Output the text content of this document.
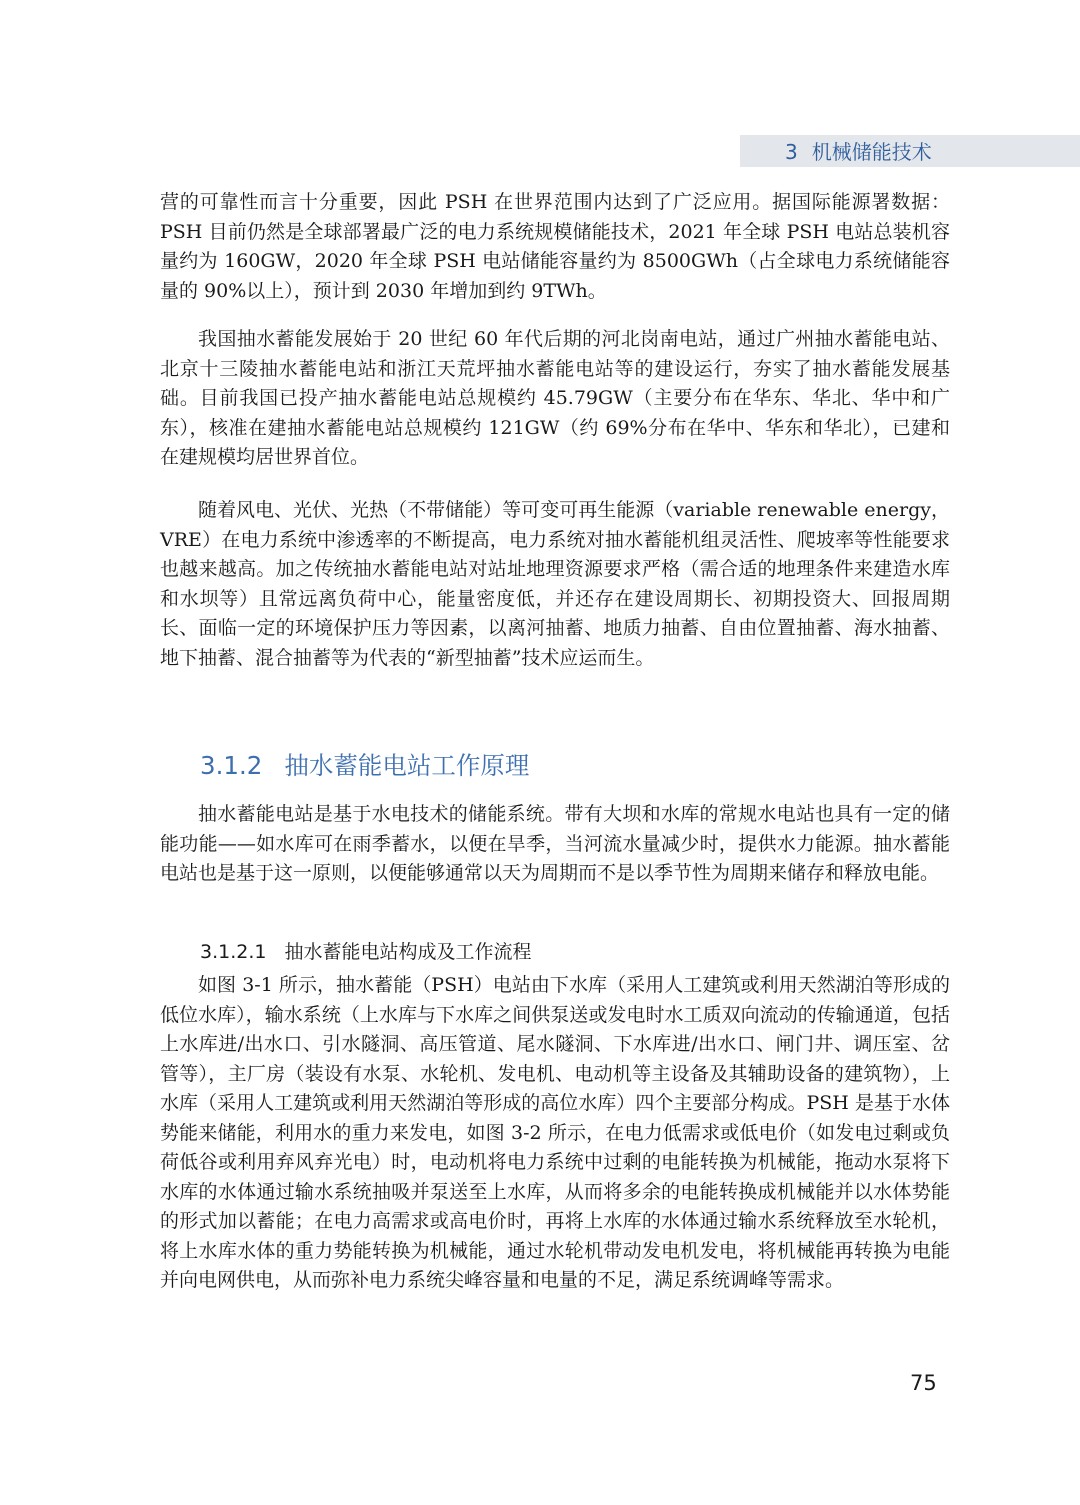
3 机械储能技术

营的可靠性而言十分重要，因此 PSH 在世界范围内达到了广泛应用。据国际能源署数据：PSH 目前仍然是全球部署最广泛的电力系统规模储能技术，2021 年全球 PSH 电站总装机容量约为 160GW，2020 年全球 PSH 电站储能容量约为 8500GWh（占全球电力系统储能容量的 90%以上），预计到 2030 年增加到约 9TWh。

我国抽水蓄能发展始于 20 世纪 60 年代后期的河北岗南电站，通过广州抽水蓄能电站、北京十三陵抽水蓄能电站和浙江天荒坪抽水蓄能电站等的建设运行，夯实了抽水蓄能发展基础。目前我国已投产抽水蓄能电站总规模约 45.79GW（主要分布在华东、华北、华中和广东），核准在建抽水蓄能电站总规模约 121GW（约 69%分布在华中、华东和华北），已建和在建规模均居世界首位。

随着风电、光伏、光热（不带储能）等可变可再生能源（variable renewable energy，VRE）在电力系统中渗透率的不断提高，电力系统对抽水蓄能机组灵活性、爬坡率等性能要求也越来越高。加之传统抽水蓄能电站对站址地理资源要求严格（需合适的地理条件来建造水库和水坝等）且常远离负荷中心，能量密度低，并还存在建设周期长、初期投资大、回报周期长、面临一定的环境保护压力等因素，以离河抽蓄、地质力抽蓄、自由位置抽蓄、海水抽蓄、地下抽蓄、混合抽蓄等为代表的“新型抽蓄”技术应运而生。

3.1.2 抽水蓄能电站工作原理

抽水蓄能电站是基于水电技术的储能系统。带有大坝和水库的常规水电站也具有一定的储能功能——如水库可在雨季蓄水，以便在旱季，当河流水量减少时，提供水力能源。抽水蓄能电站也是基于这一原则，以便能够通常以天为周期而不是以季节性为周期来储存和释放电能。

3.1.2.1 抽水蓄能电站构成及工作流程

如图 3-1 所示，抽水蓄能（PSH）电站由下水库（采用人工建筑或利用天然湖泊等形成的低位水库），输水系统（上水库与下水库之间供泵送或发电时水工质双向流动的传输通道，包括上水库进/出水口、引水隧洞、高压管道、尾水隧洞、下水库进/出水口、闸门井、调压室、岔管等），主厂房（装设有水泵、水轮机、发电机、电动机等主设备及其辅助设备的建筑物），上水库（采用人工建筑或利用天然湖泊等形成的高位水库）四个主要部分构成。PSH 是基于水体势能来储能，利用水的重力来发电，如图 3-2 所示，在电力低需求或低电价（如发电过剩或负荷低谷或利用弃风弃光电）时，电动机将电力系统中过剩的电能转换为机械能，拖动水泵将下水库的水体通过输水系统抽吸并泵送至上水库，从而将多余的电能转换成机械能并以水体势能的形式加以蓄能；在电力高需求或高电价时，再将上水库的水体通过输水系统释放至水轮机，将上水库水体的重力势能转换为机械能，通过水轮机带动发电机发电，将机械能再转换为电能并向电网供电，从而弥补电力系统尖峰容量和电量的不足，满足系统调峰等需求。

75
